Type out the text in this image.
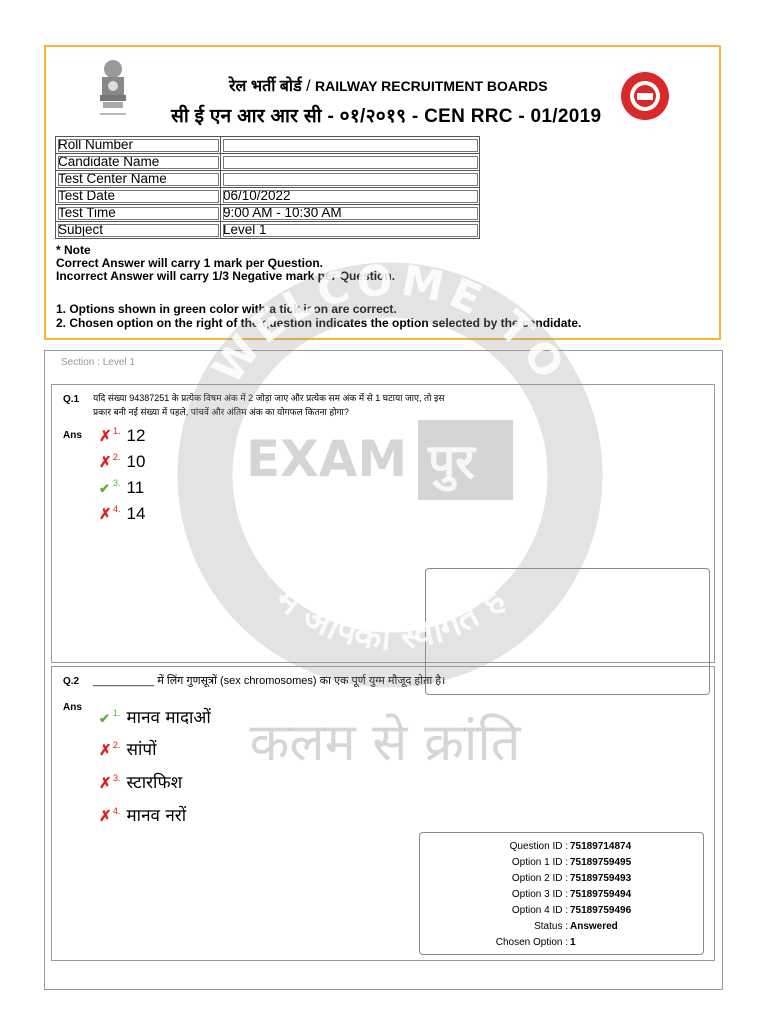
रेल भर्ती बोर्ड / RAILWAY RECRUITMENT BOARDS
सी ई एन आर आर सी - ०१/२०१९ - CEN RRC - 01/2019
Roll Number	
Candidate Name	
Test Center Name	
Test Date	06/10/2022
Test Time	9:00 AM - 10:30 AM
Subject	Level 1
* Note
Correct Answer will carry 1 mark per Question.
Incorrect Answer will carry 1/3 Negative mark per Question.
1. Options shown in green color with a tick icon are correct.
2. Chosen option on the right of the question indicates the option selected by the candidate.
Section : Level 1
Q.1 यदि संख्या 94387251 के प्रत्येक विषम अंक में 2 जोड़ा जाए और प्रत्येक सम अंक में से 1 घटाया जाए, तो इस
प्रकार बनी नई संख्या में पहले, पांचवें और अंतिम अंक का योगफल कितना होगा?
Ans ✗$^{1.}$ 12
✗$^{2.}$ 10
✔ $^{3.}$ 11
✗$^{4.}$ 14
Q.2 __________ में लिंग गुणसूत्रों (sex chromosomes) का एक पूर्ण युग्म मौजूद होता है।
Ans
✔ $^{1.}$ मानव मादाओं
✗$^{2.}$ सांपों
✗$^{3.}$ स्टारफिश
✗$^{4.}$ मानव नरों
Question ID : 75189714874
Option 1 ID : 75189759495
Option 2 ID : 75189759493
Option 3 ID : 75189759494
Option 4 ID : 75189759496
Status : Answered
Chosen Option : 1
WELCOME TO
में आपका स्वागत है
EXAM पुर
कलम से क्रांति
